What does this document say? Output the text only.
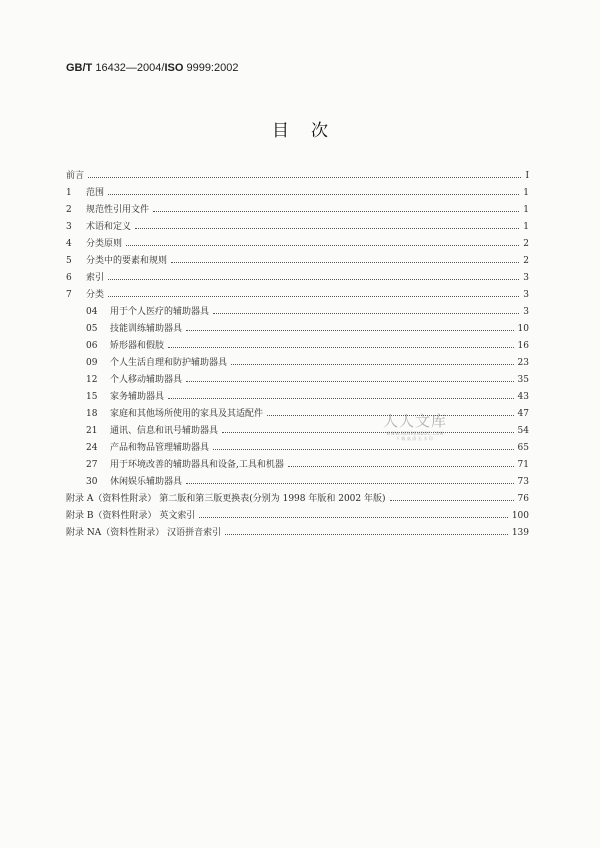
GB/T 16432—2004/ISO 9999:2002
目次
前言	I
1	范围	1
2	规范性引用文件	1
3	术语和定义	1
4	分类原则	2
5	分类中的要素和规则	2
6	索引	3
7	分类	3
04	用于个人医疗的辅助器具	3
05	技能训练辅助器具	10
06	矫形器和假肢	16
09	个人生活自理和防护辅助器具	23
12	个人移动辅助器具	35
15	家务辅助器具	43
18	家庭和其他场所使用的家具及其适配件	47
21	通讯、信息和讯号辅助器具	54
24	产品和物品管理辅助器具	65
27	用于环境改善的辅助器具和设备,工具和机器	71
30	休闲娱乐辅助器具	73
附录 A（资料性附录） 第二版和第三版更换表(分别为 1998 年版和 2002 年版)	76
附录 B（资料性附录） 英文索引	100
附录 NA（资料性附录） 汉语拼音索引	139
人人文库
WWW.RENRENDOC.COM
下载高清无水印
